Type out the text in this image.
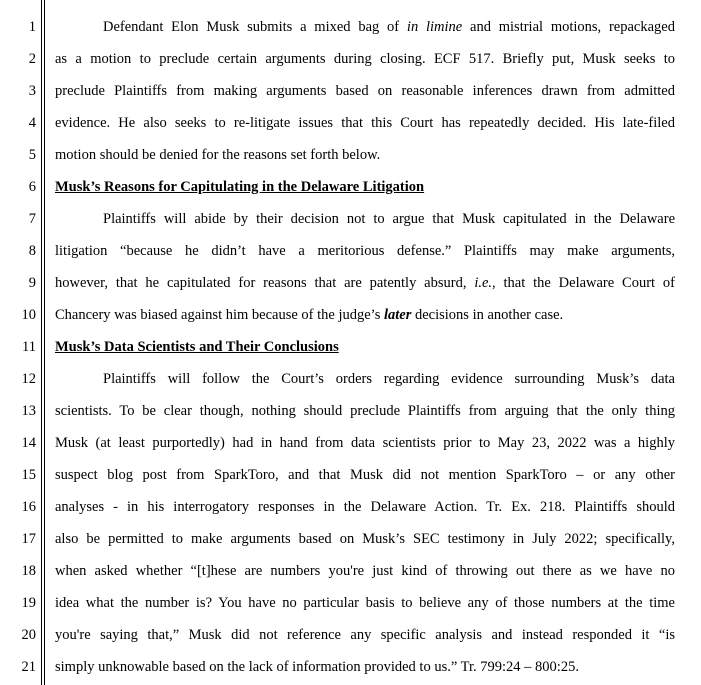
1
2
3
4
5
6
7
8
9
10
11
12
13
14
15
16
17
18
19
20
21
Defendant Elon Musk submits a mixed bag of in limine and mistrial motions, repackaged
as a motion to preclude certain arguments during closing. ECF 517. Briefly put, Musk seeks to
preclude Plaintiffs from making arguments based on reasonable inferences drawn from admitted
evidence. He also seeks to re-litigate issues that this Court has repeatedly decided. His late-filed
motion should be denied for the reasons set forth below.
Musk’s Reasons for Capitulating in the Delaware Litigation
Plaintiffs will abide by their decision not to argue that Musk capitulated in the Delaware
litigation “because he didn’t have a meritorious defense.” Plaintiffs may make arguments,
however, that he capitulated for reasons that are patently absurd, i.e., that the Delaware Court of
Chancery was biased against him because of the judge’s later decisions in another case.
Musk’s Data Scientists and Their Conclusions
Plaintiffs will follow the Court’s orders regarding evidence surrounding Musk’s data
scientists. To be clear though, nothing should preclude Plaintiffs from arguing that the only thing
Musk (at least purportedly) had in hand from data scientists prior to May 23, 2022 was a highly
suspect blog post from SparkToro, and that Musk did not mention SparkToro – or any other
analyses - in his interrogatory responses in the Delaware Action. Tr. Ex. 218. Plaintiffs should
also be permitted to make arguments based on Musk’s SEC testimony in July 2022; specifically,
when asked whether “[t]hese are numbers you're just kind of throwing out there as we have no
idea what the number is? You have no particular basis to believe any of those numbers at the time
you're saying that,” Musk did not reference any specific analysis and instead responded it “is
simply unknowable based on the lack of information provided to us.” Tr. 799:24 – 800:25.
